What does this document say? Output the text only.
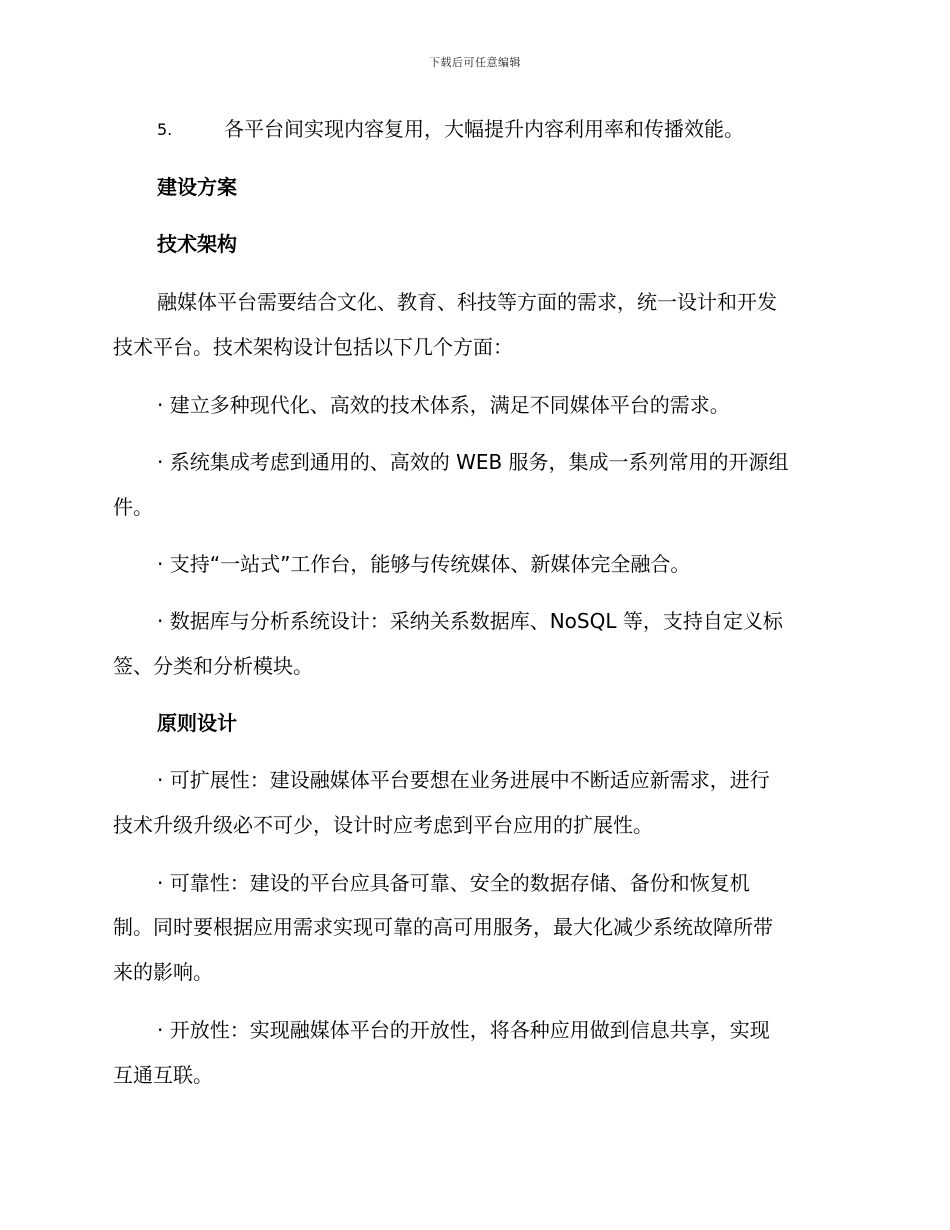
下载后可任意编辑
5.	各平台间实现内容复用，大幅提升内容利用率和传播效能。
建设方案
技术架构
融媒体平台需要结合文化、教育、科技等方面的需求，统一设计和开发
技术平台。技术架构设计包括以下几个方面：
· 建立多种现代化、高效的技术体系，满足不同媒体平台的需求。
· 系统集成考虑到通用的、高效的 WEB 服务，集成一系列常用的开源组
件。
· 支持“一站式”工作台，能够与传统媒体、新媒体完全融合。
· 数据库与分析系统设计：采纳关系数据库、NoSQL 等，支持自定义标
签、分类和分析模块。
原则设计
· 可扩展性：建设融媒体平台要想在业务进展中不断适应新需求，进行
技术升级升级必不可少，设计时应考虑到平台应用的扩展性。
· 可靠性：建设的平台应具备可靠、安全的数据存储、备份和恢复机
制。同时要根据应用需求实现可靠的高可用服务，最大化减少系统故障所带
来的影响。
· 开放性：实现融媒体平台的开放性，将各种应用做到信息共享，实现
互通互联。
